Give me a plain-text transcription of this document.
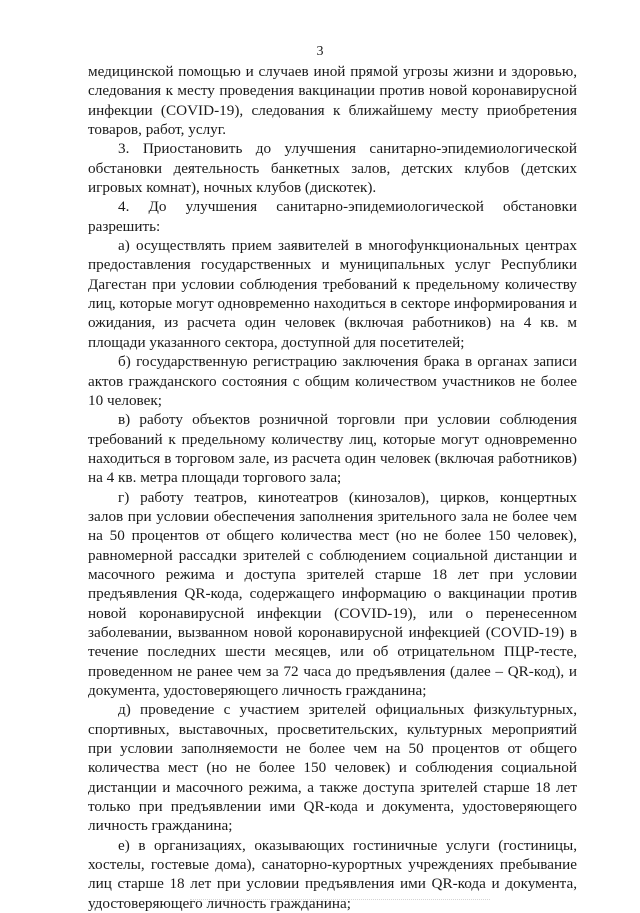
3
медицинской помощью и случаев иной прямой угрозы жизни и здоровью,
следования к месту проведения вакцинации против новой коронавирусной
инфекции (COVID-19), следования к ближайшему месту приобретения
товаров, работ, услуг.
3. Приостановить до улучшения санитарно-эпидемиологической
обстановки деятельность банкетных залов, детских клубов (детских
игровых комнат), ночных клубов (дискотек).
4. До улучшения санитарно-эпидемиологической обстановки
разрешить:
а) осуществлять прием заявителей в многофункциональных центрах
предоставления государственных и муниципальных услуг Республики
Дагестан при условии соблюдения требований к предельному количеству
лиц, которые могут одновременно находиться в секторе информирования и
ожидания, из расчета один человек (включая работников) на 4 кв. м
площади указанного сектора, доступной для посетителей;
б) государственную регистрацию заключения брака в органах записи
актов гражданского состояния с общим количеством участников не более
10 человек;
в) работу объектов розничной торговли при условии соблюдения
требований к предельному количеству лиц, которые могут одновременно
находиться в торговом зале, из расчета один человек (включая работников)
на 4 кв. метра площади торгового зала;
г) работу театров, кинотеатров (кинозалов), цирков, концертных
залов при условии обеспечения заполнения зрительного зала не более чем
на 50 процентов от общего количества мест (но не более 150 человек),
равномерной рассадки зрителей с соблюдением социальной дистанции и
масочного режима и доступа зрителей старше 18 лет при условии
предъявления QR-кода, содержащего информацию о вакцинации против
новой коронавирусной инфекции (COVID-19), или о перенесенном
заболевании, вызванном новой коронавирусной инфекцией (COVID-19) в
течение последних шести месяцев, или об отрицательном ПЦР-тесте,
проведенном не ранее чем за 72 часа до предъявления (далее – QR-код), и
документа, удостоверяющего личность гражданина;
д) проведение с участием зрителей официальных физкультурных,
спортивных, выставочных, просветительских, культурных мероприятий
при условии заполняемости не более чем на 50 процентов от общего
количества мест (но не более 150 человек) и соблюдения социальной
дистанции и масочного режима, а также доступа зрителей старше 18 лет
только при предъявлении ими QR-кода и документа, удостоверяющего
личность гражданина;
е) в организациях, оказывающих гостиничные услуги (гостиницы,
хостелы, гостевые дома), санаторно-курортных учреждениях пребывание
лиц старше 18 лет при условии предъявления ими QR-кода и документа,
удостоверяющего личность гражданина;
